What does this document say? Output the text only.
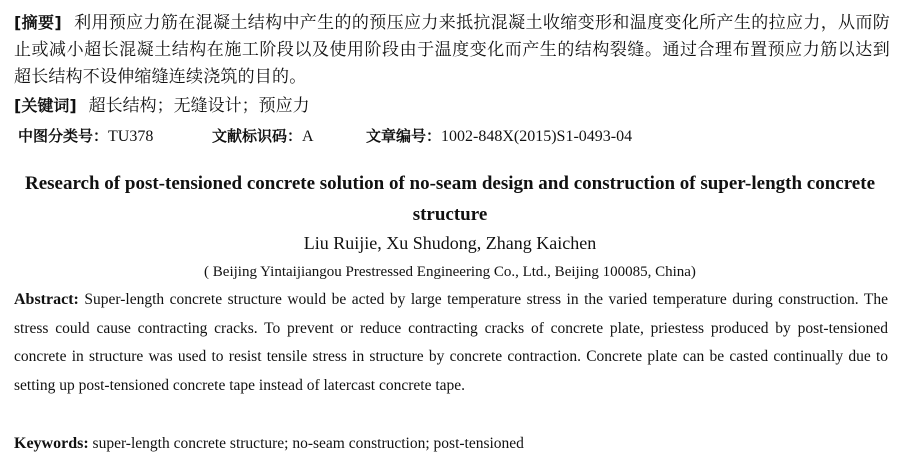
[摘要] 利用预应力筋在混凝土结构中产生的的预压应力来抵抗混凝土收缩变形和温度变化所产生的拉应力，从而防止或减小超长混凝土结构在施工阶段以及使用阶段由于温度变化而产生的结构裂缝。通过合理布置预应力筋以达到超长结构不设伸缩缝连续浇筑的目的。
[关键词] 超长结构；无缝设计；预应力
中图分类号：TU378	文献标识码：A	文章编号：1002-848X(2015)S1-0493-04
Research of post-tensioned concrete solution of no-seam design and construction of super-length concrete structure
Liu Ruijie, Xu Shudong, Zhang Kaichen
( Beijing Yintaijiangou Prestressed Engineering Co., Ltd., Beijing 100085, China)
Abstract: Super-length concrete structure would be acted by large temperature stress in the varied temperature during construction. The stress could cause contracting cracks. To prevent or reduce contracting cracks of concrete plate, priestess produced by post-tensioned concrete in structure was used to resist tensile stress in structure by concrete contraction. Concrete plate can be casted continually due to setting up post-tensioned concrete tape instead of latercast concrete tape.
Keywords: super-length concrete structure; no-seam construction; post-tensioned
